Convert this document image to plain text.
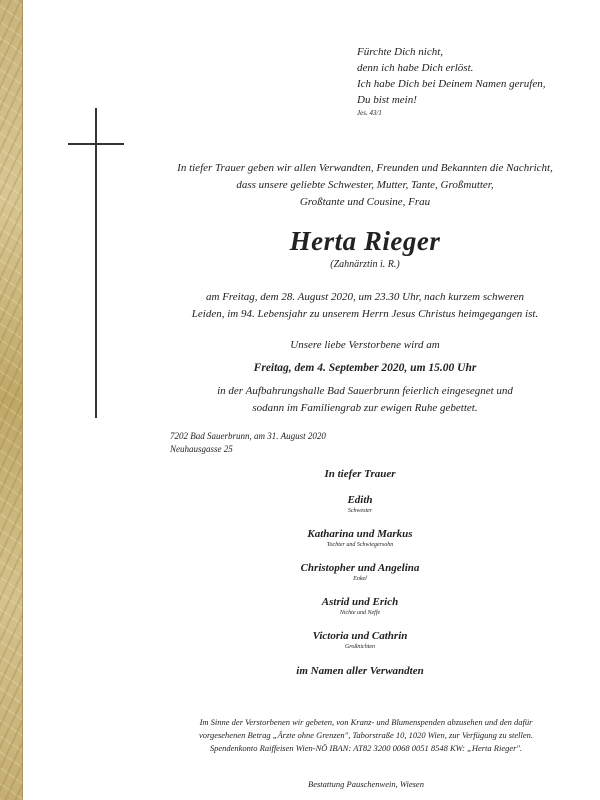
Fürchte Dich nicht,
denn ich habe Dich erlöst.
Ich habe Dich bei Deinem Namen gerufen,
Du bist mein!
Jes. 43/1
In tiefer Trauer geben wir allen Verwandten, Freunden und Bekannten die Nachricht,
dass unsere geliebte Schwester, Mutter, Tante, Großmutter,
Großtante und Cousine, Frau
Herta Rieger
(Zahnärztin i. R.)
am Freitag, dem 28. August 2020, um 23.30 Uhr, nach kurzem schweren
Leiden, im 94. Lebensjahr zu unserem Herrn Jesus Christus heimgegangen ist.
Unsere liebe Verstorbene wird am
Freitag, dem 4. September 2020, um 15.00 Uhr
in der Aufbahrungshalle Bad Sauerbrunn feierlich eingesegnet und
sodann im Familiengrab zur ewigen Ruhe gebettet.
7202 Bad Sauerbrunn, am 31. August 2020
Neuhausgasse 25
In tiefer Trauer
Edith
Schwester
Katharina und Markus
Tochter und Schwiegersohn
Christopher und Angelina
Enkel
Astrid und Erich
Nichte und Neffe
Victoria und Cathrin
Großnichten
im Namen aller Verwandten
Im Sinne der Verstorbenen wir gebeten, von Kranz- und Blumenspenden abzusehen und den dafür
vorgesehenen Betrag „Ärzte ohne Grenzen", Taborstraße 10, 1020 Wien, zur Verfügung zu stellen.
Spendenkonto Raiffeisen Wien-NÖ IBAN: AT82 3200 0068 0051 8548 KW: „Herta Rieger".
Bestattung Pauschenwein, Wiesen
